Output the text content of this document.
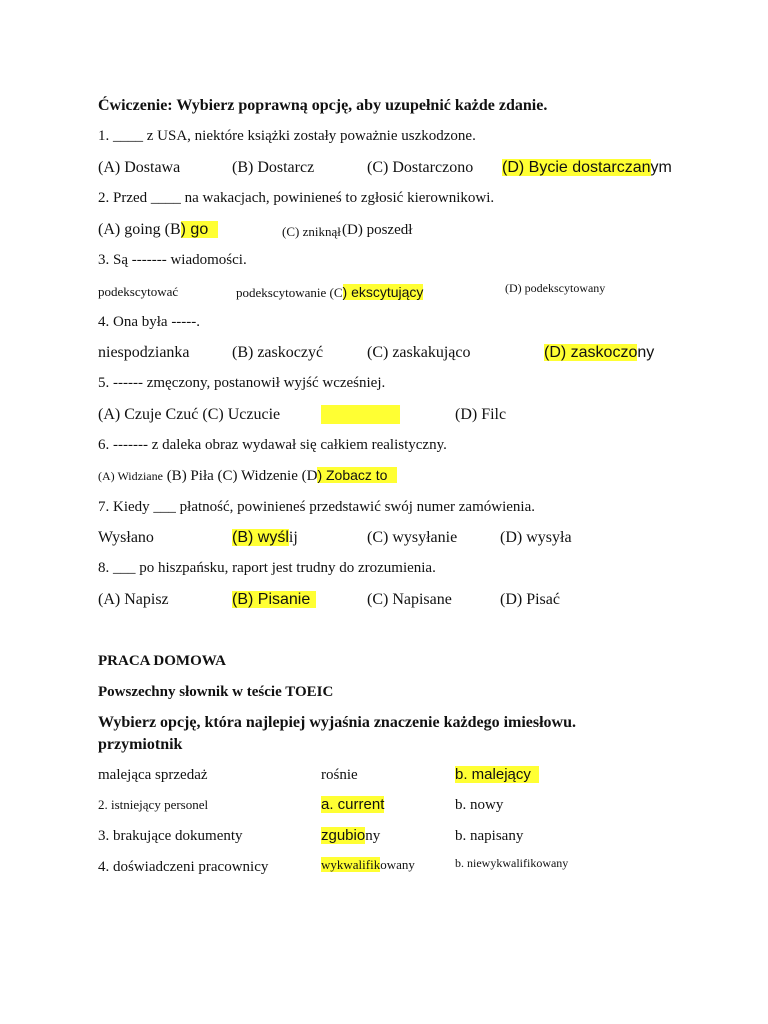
Ćwiczenie: Wybierz poprawną opcję, aby uzupełnić każde zdanie.
1. ____ z USA, niektóre książki zostały poważnie uszkodzone.
(A) Dostawa	(B) Dostarcz	(C) Dostarczono (D) Bycie dostarczanym
2. Przed ____ na wakacjach, powinieneś to zgłosić kierownikowi.
(A) going (B) go	(C) zniknął (D) poszedł
3. Są ------- wiadomości.
podekscytować	podekscytowanie (C) ekscytujący	(D) podekscytowany
4. Ona była -----.
niespodzianka	(B) zaskoczyć	(C) zaskakująco	(D) zaskoczony
5. ------ zmęczony, postanowił wyjść wcześniej.
(A) Czuje Czuć (C) Uczucie	(D) Filc
6. ------- z daleka obraz wydawał się całkiem realistyczny.
(A) Widziane (B) Piła (C) Widzenie (D) Zobacz to
7. Kiedy ___ płatność, powinieneś przedstawić swój numer zamówienia.
Wysłano	(B) wyślij	(C) wysyłanie	(D) wysyła
8. ___ po hiszpańsku, raport jest trudny do zrozumienia.
(A) Napisz	(B) Pisanie	(C) Napisane	(D) Pisać
PRACA DOMOWA
Powszechny słownik w teście TOEIC
Wybierz opcję, która najlepiej wyjaśnia znaczenie każdego imiesłowu.
przymiotnik
malejąca sprzedaż	rośnie	b. malejący
2. istniejący personel	a. current	b. nowy
3. brakujące dokumenty	zgubiony	b. napisany
4. doświadczeni pracownicy	wykwalifikowany	b. niewykwalifikowany
